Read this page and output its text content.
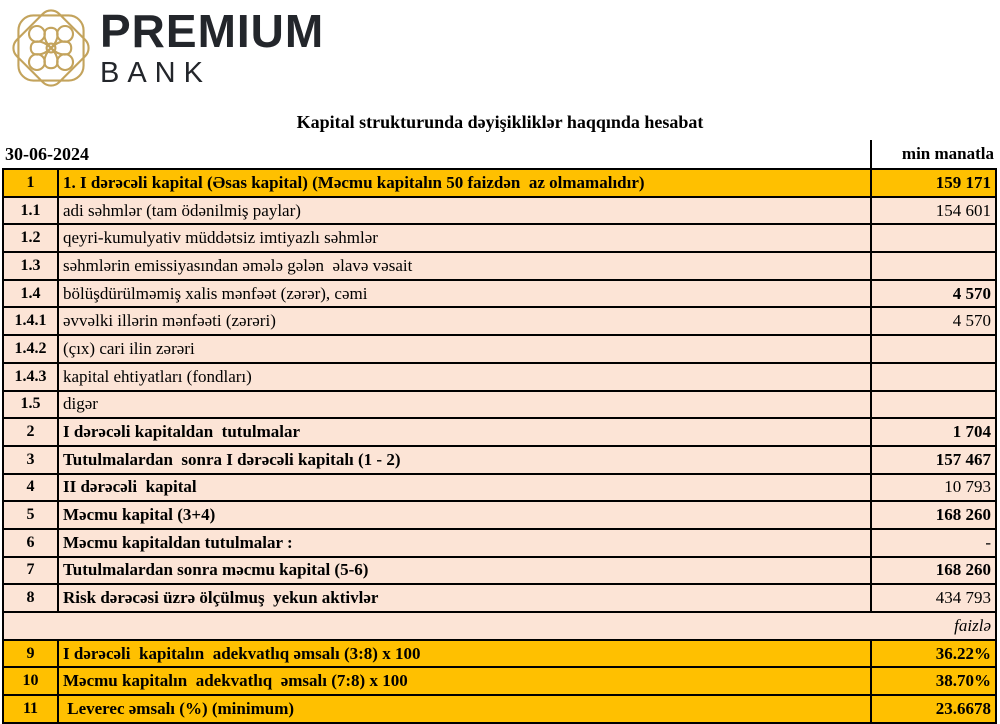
PREMIUM
BANK
Kapital strukturunda dəyişikliklər haqqında hesabat
30-06-2024	min manatla
1	1. I dərəcəli kapital (Əsas kapital) (Məcmu kapitalın 50 faizdən  az olmamalıdır)	159 171
1.1	adi səhmlər (tam ödənilmiş paylar)	154 601
1.2	qeyri-kumulyativ müddətsiz imtiyazlı səhmlər
1.3	səhmlərin emissiyasından əmələ gələn  əlavə vəsait
1.4	bölüşdürülməmiş xalis mənfəət (zərər), cəmi	4 570
1.4.1 əvvəlki illərin mənfəəti (zərəri)	4 570
1.4.2 (çıx) cari ilin zərəri
1.4.3 kapital ehtiyatları (fondları)
1.5	digər
2	I dərəcəli kapitaldan  tutulmalar	1 704
3	Tutulmalardan  sonra I dərəcəli kapitalı (1 - 2)	157 467
4	II dərəcəli  kapital	10 793
5	Məcmu kapital (3+4)	168 260
6	Məcmu kapitaldan tutulmalar :	-
7	Tutulmalardan sonra məcmu kapital (5-6)	168 260
8	Risk dərəcəsi üzrə ölçülmuş  yekun aktivlər	434 793
faizlə
9	I dərəcəli  kapitalın  adekvatlıq əmsalı (3:8) x 100	36.22%
10	Məcmu kapitalın  adekvatlıq  əmsalı (7:8) x 100	38.70%
11	Leverec əmsalı (%) (minimum)	23.6678
